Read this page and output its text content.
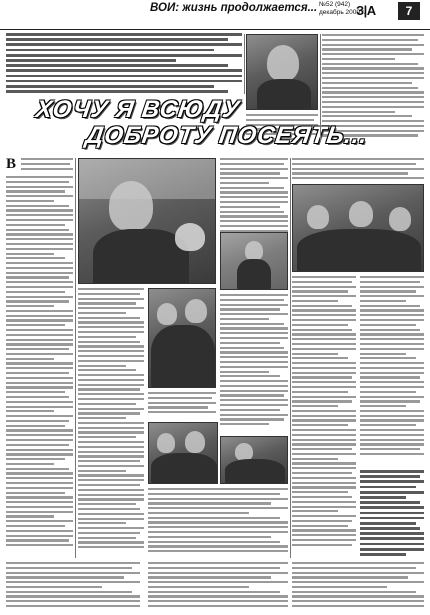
ВОИ: жизнь продолжается... №52 (942)
декабрь 2009 г.
З|А	7
ХОЧУ Я ВСЮДУ
ДОБРОТУ ПОСЕЯТЬ...
В
